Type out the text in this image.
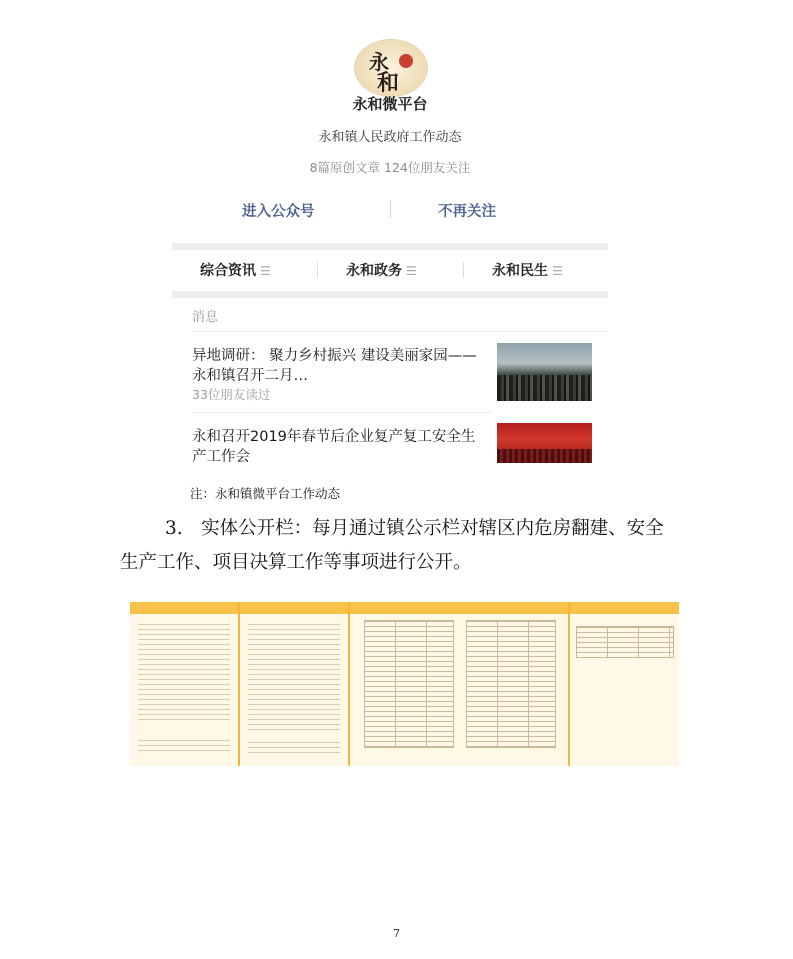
永
和
永和微平台
永和镇人民政府工作动态
8篇原创文章 124位朋友关注
进入公众号	不再关注
综合资讯 ☰	永和政务 ☰	永和民生 ☰
消息
异地调研： 聚力乡村振兴 建设美丽家园——永和镇召开二月…
33位朋友读过
永和召开2019年春节后企业复产复工安全生产工作会
注：永和镇微平台工作动态
3.　实体公开栏：每月通过镇公示栏对辖区内危房翻建、安全生产工作、项目决算工作等事项进行公开。
7
